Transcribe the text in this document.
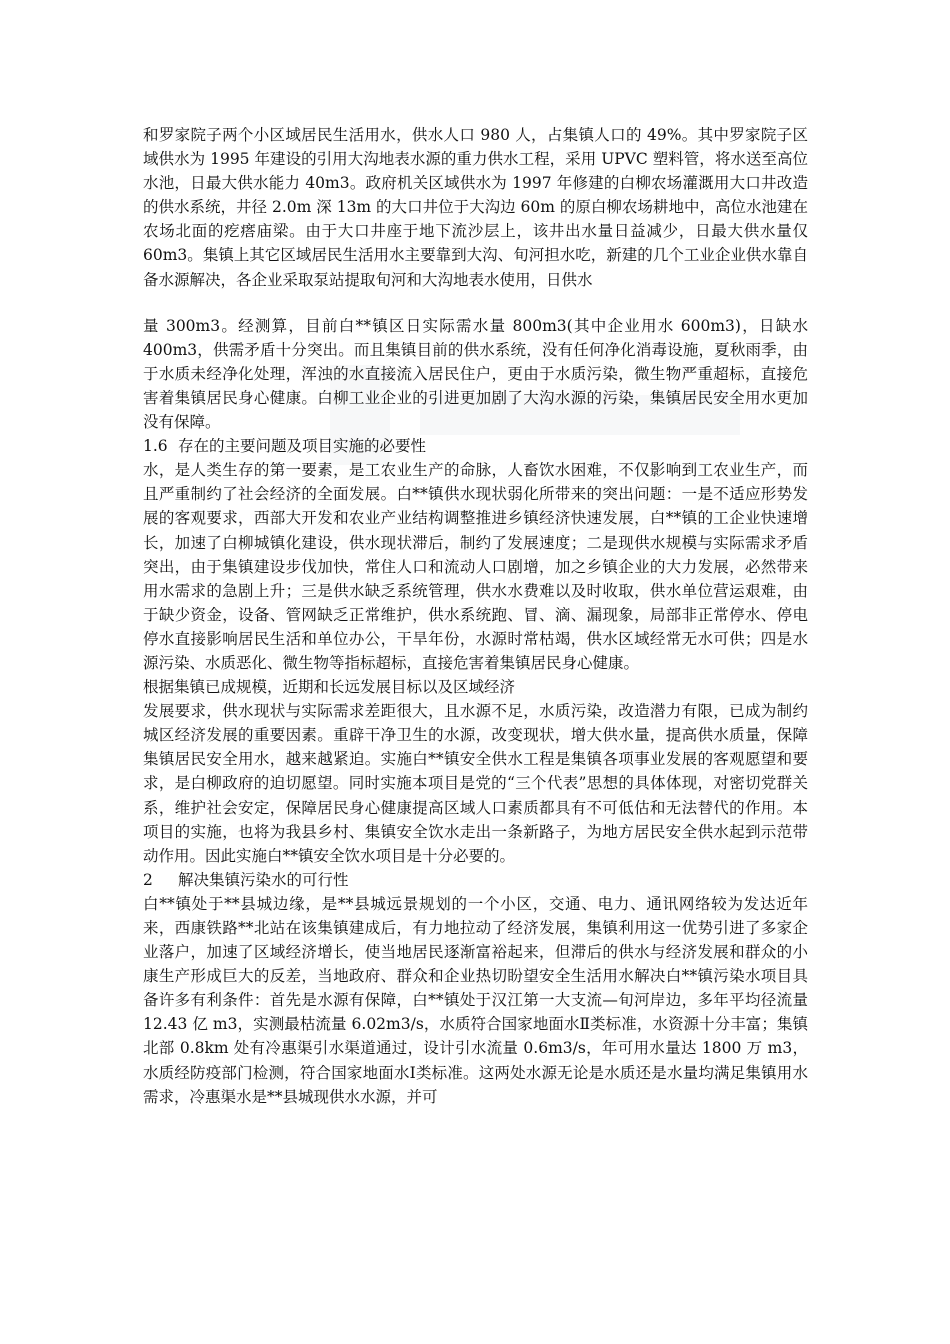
和罗家院子两个小区域居民生活用水，供水人口 980 人，占集镇人口的 49%。其中罗家院子区域供水为 1995 年建设的引用大沟地表水源的重力供水工程，采用 UPVC 塑料管，将水送至高位水池，日最大供水能力 40m3。政府机关区域供水为 1997 年修建的白柳农场灌溉用大口井改造的供水系统，井径 2.0m 深 13m 的大口井位于大沟边 60m 的原白柳农场耕地中，高位水池建在农场北面的疙瘩庙梁。由于大口井座于地下流沙层上，该井出水量日益减少，日最大供水量仅 60m3。集镇上其它区域居民生活用水主要靠到大沟、旬河担水吃，新建的几个工业企业供水靠自备水源解决，各企业采取泵站提取旬河和大沟地表水使用，日供水

量 300m3。经测算，目前白**镇区日实际需水量 800m3(其中企业用水 600m3)，日缺水 400m3，供需矛盾十分突出。而且集镇目前的供水系统，没有任何净化消毒设施，夏秋雨季，由于水质未经净化处理，浑浊的水直接流入居民住户，更由于水质污染，微生物严重超标，直接危害着集镇居民身心健康。白柳工业企业的引进更加剧了大沟水源的污染，集镇居民安全用水更加没有保障。

1.6 存在的主要问题及项目实施的必要性

水，是人类生存的第一要素，是工农业生产的命脉，人畜饮水困难，不仅影响到工农业生产，而且严重制约了社会经济的全面发展。白**镇供水现状弱化所带来的突出问题：一是不适应形势发展的客观要求，西部大开发和农业产业结构调整推进乡镇经济快速发展，白**镇的工企业快速增长，加速了白柳城镇化建设，供水现状滞后，制约了发展速度；二是现供水规模与实际需求矛盾突出，由于集镇建设步伐加快，常住人口和流动人口剧增，加之乡镇企业的大力发展，必然带来用水需求的急剧上升；三是供水缺乏系统管理，供水水费难以及时收取，供水单位营运艰难，由于缺少资金，设备、管网缺乏正常维护，供水系统跑、冒、滴、漏现象，局部非正常停水、停电停水直接影响居民生活和单位办公，干旱年份，水源时常枯竭，供水区域经常无水可供；四是水源污染、水质恶化、微生物等指标超标，直接危害着集镇居民身心健康。

根据集镇已成规模，近期和长远发展目标以及区域经济

发展要求，供水现状与实际需求差距很大，且水源不足，水质污染，改造潜力有限，已成为制约城区经济发展的重要因素。重辟干净卫生的水源，改变现状，增大供水量，提高供水质量，保障集镇居民安全用水，越来越紧迫。实施白**镇安全供水工程是集镇各项事业发展的客观愿望和要求，是白柳政府的迫切愿望。同时实施本项目是党的“三个代表”思想的具体体现，对密切党群关系，维护社会安定，保障居民身心健康提高区域人口素质都具有不可低估和无法替代的作用。本项目的实施，也将为我县乡村、集镇安全饮水走出一条新路子，为地方居民安全供水起到示范带动作用。因此实施白**镇安全饮水项目是十分必要的。

2 解决集镇污染水的可行性

白**镇处于**县城边缘，是**县城远景规划的一个小区，交通、电力、通讯网络较为发达近年来，西康铁路**北站在该集镇建成后，有力地拉动了经济发展，集镇利用这一优势引进了多家企业落户，加速了区域经济增长，使当地居民逐渐富裕起来，但滞后的供水与经济发展和群众的小康生产形成巨大的反差，当地政府、群众和企业热切盼望安全生活用水解决白**镇污染水项目具备许多有利条件：首先是水源有保障，白**镇处于汉江第一大支流—旬河岸边，多年平均径流量 12.43 亿 m3，实测最枯流量 6.02m3/s，水质符合国家地面水Ⅱ类标准，水资源十分丰富；集镇北部 0.8km 处有冷惠渠引水渠道通过，设计引水流量 0.6m3/s，年可用水量达 1800 万 m3，水质经防疫部门检测，符合国家地面水Ⅰ类标准。这两处水源无论是水质还是水量均满足集镇用水需求，冷惠渠水是**县城现供水水源，并可
